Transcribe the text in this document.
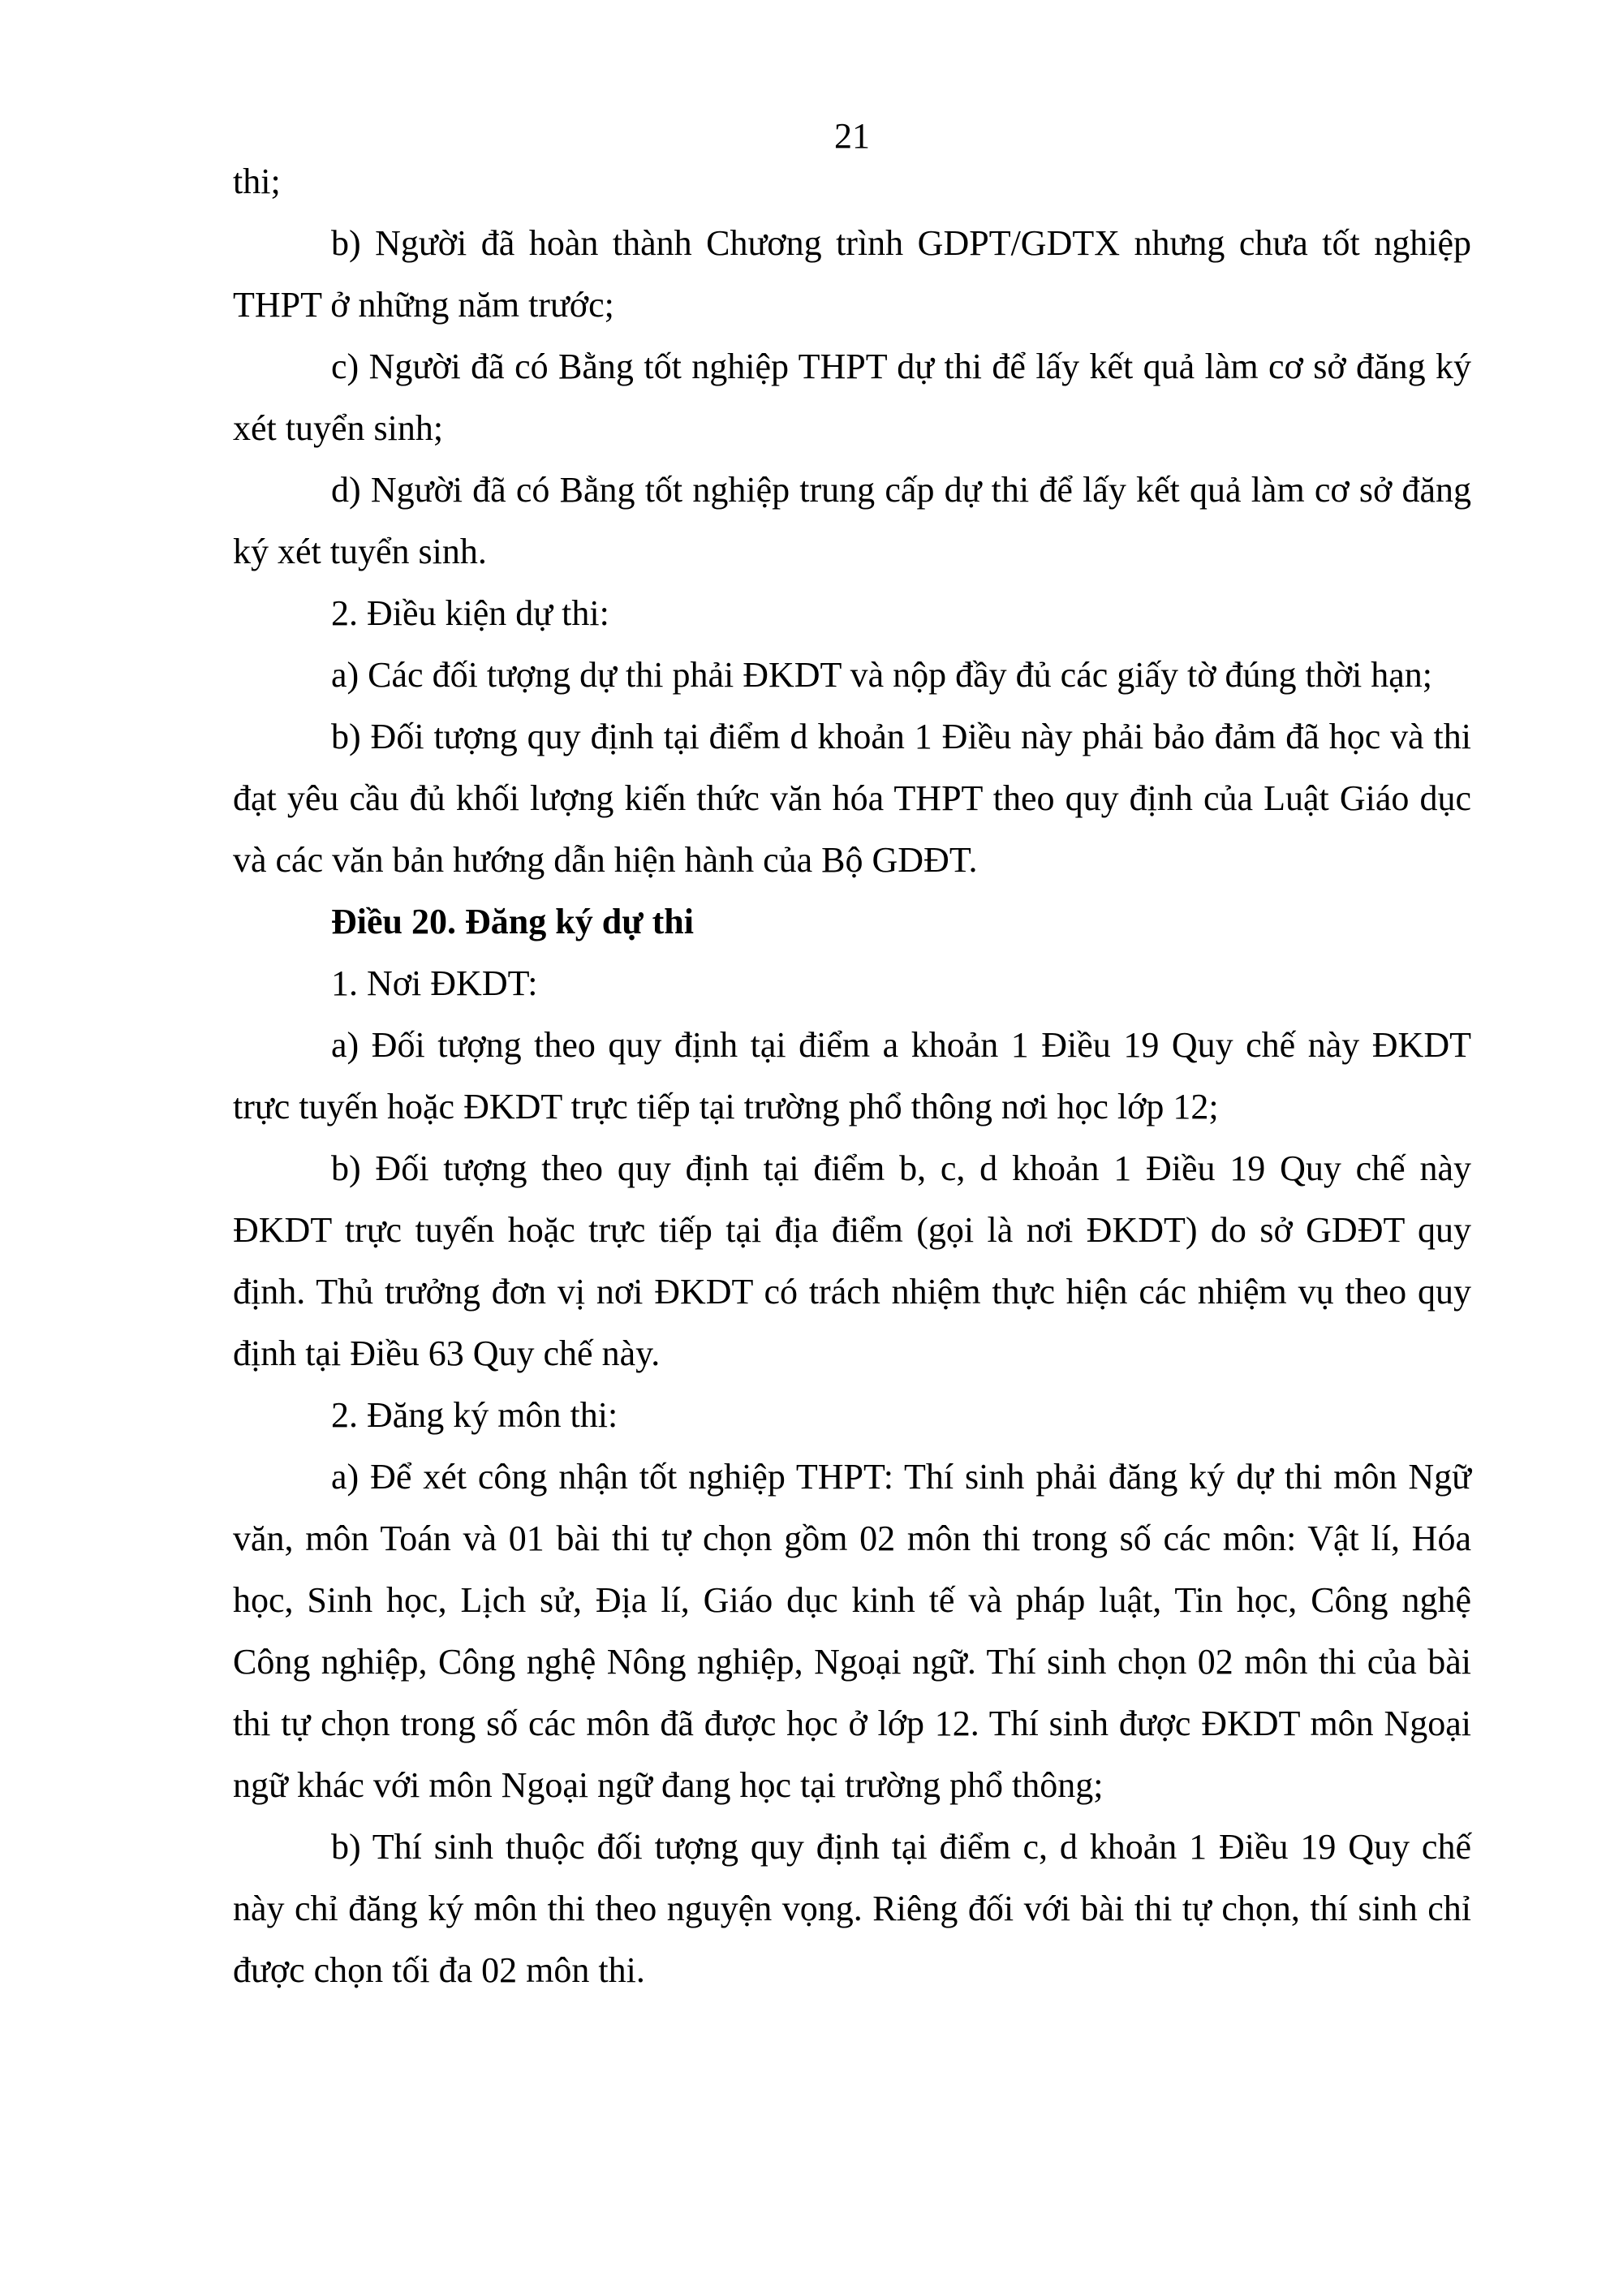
21

thi;

b) Người đã hoàn thành Chương trình GDPT/GDTX nhưng chưa tốt nghiệp THPT ở những năm trước;

c) Người đã có Bằng tốt nghiệp THPT dự thi để lấy kết quả làm cơ sở đăng ký xét tuyển sinh;

d) Người đã có Bằng tốt nghiệp trung cấp dự thi để lấy kết quả làm cơ sở đăng ký xét tuyển sinh.

2. Điều kiện dự thi:

a) Các đối tượng dự thi phải ĐKDT và nộp đầy đủ các giấy tờ đúng thời hạn;

b) Đối tượng quy định tại điểm d khoản 1 Điều này phải bảo đảm đã học và thi đạt yêu cầu đủ khối lượng kiến thức văn hóa THPT theo quy định của Luật Giáo dục và các văn bản hướng dẫn hiện hành của Bộ GDĐT.

Điều 20. Đăng ký dự thi

1. Nơi ĐKDT:

a) Đối tượng theo quy định tại điểm a khoản 1 Điều 19 Quy chế này ĐKDT trực tuyến hoặc ĐKDT trực tiếp tại trường phổ thông nơi học lớp 12;

b) Đối tượng theo quy định tại điểm b, c, d khoản 1 Điều 19 Quy chế này ĐKDT trực tuyến hoặc trực tiếp tại địa điểm (gọi là nơi ĐKDT) do sở GDĐT quy định. Thủ trưởng đơn vị nơi ĐKDT có trách nhiệm thực hiện các nhiệm vụ theo quy định tại Điều 63 Quy chế này.

2. Đăng ký môn thi:

a) Để xét công nhận tốt nghiệp THPT: Thí sinh phải đăng ký dự thi môn Ngữ văn, môn Toán và 01 bài thi tự chọn gồm 02 môn thi trong số các môn: Vật lí, Hóa học, Sinh học, Lịch sử, Địa lí, Giáo dục kinh tế và pháp luật, Tin học, Công nghệ Công nghiệp, Công nghệ Nông nghiệp, Ngoại ngữ. Thí sinh chọn 02 môn thi của bài thi tự chọn trong số các môn đã được học ở lớp 12. Thí sinh được ĐKDT môn Ngoại ngữ khác với môn Ngoại ngữ đang học tại trường phổ thông;

b) Thí sinh thuộc đối tượng quy định tại điểm c, d khoản 1 Điều 19 Quy chế này chỉ đăng ký môn thi theo nguyện vọng. Riêng đối với bài thi tự chọn, thí sinh chỉ được chọn tối đa 02 môn thi.
